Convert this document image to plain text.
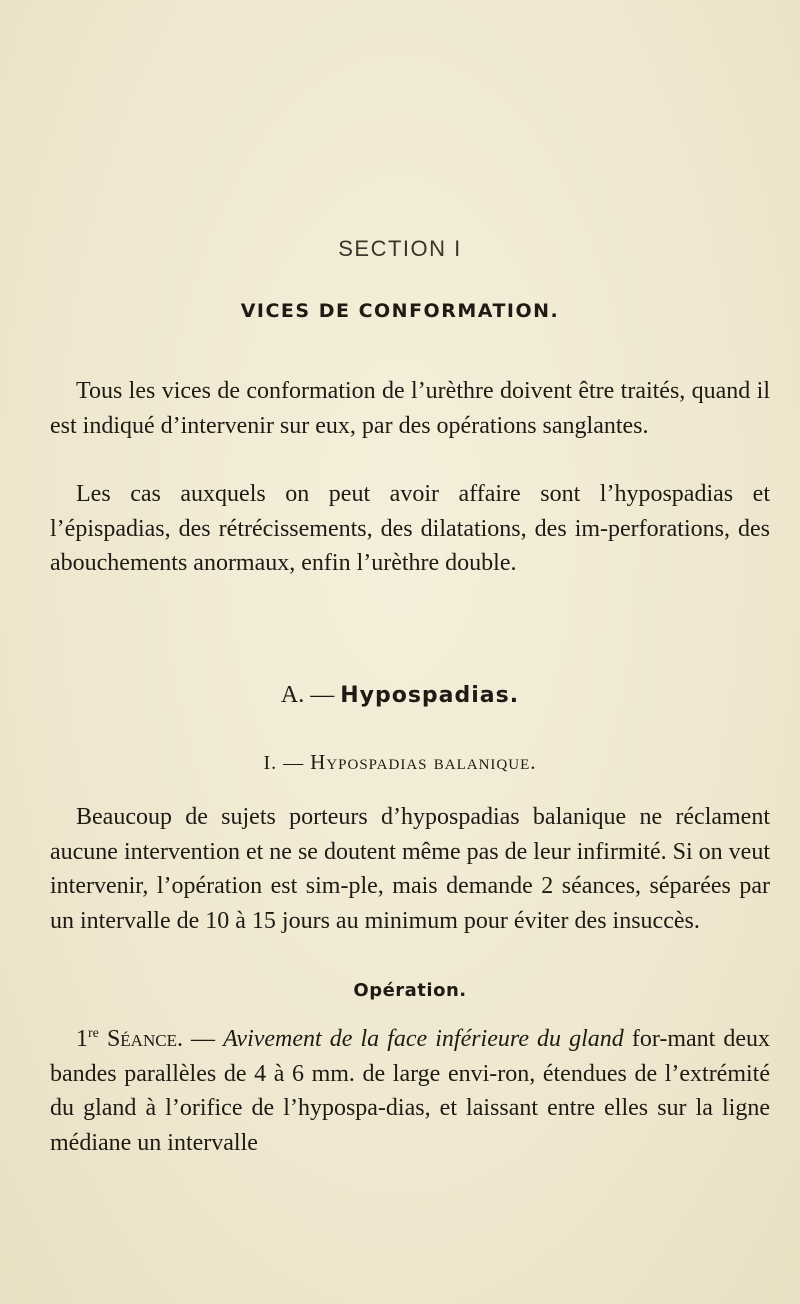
SECTION I
VICES DE CONFORMATION.

Tous les vices de conformation de l’urèthre doivent être traités, quand il est indiqué d’intervenir sur eux, par des opérations sanglantes.

Les cas auxquels on peut avoir affaire sont l’hypospadias et l’épispadias, des rétrécissements, des dilatations, des im-perforations, des abouchements anormaux, enfin l’urèthre double.

A. — Hypospadias.
I. — Hypospadias balanique.

Beaucoup de sujets porteurs d’hypospadias balanique ne réclament aucune intervention et ne se doutent même pas de leur infirmité. Si on veut intervenir, l’opération est sim-ple, mais demande 2 séances, séparées par un intervalle de 10 à 15 jours au minimum pour éviter des insuccès.

Opération.

1re Séance. — Avivement de la face inférieure du gland for-mant deux bandes parallèles de 4 à 6 mm. de large envi-ron, étendues de l’extrémité du gland à l’orifice de l’hypospa-dias, et laissant entre elles sur la ligne médiane un intervalle
